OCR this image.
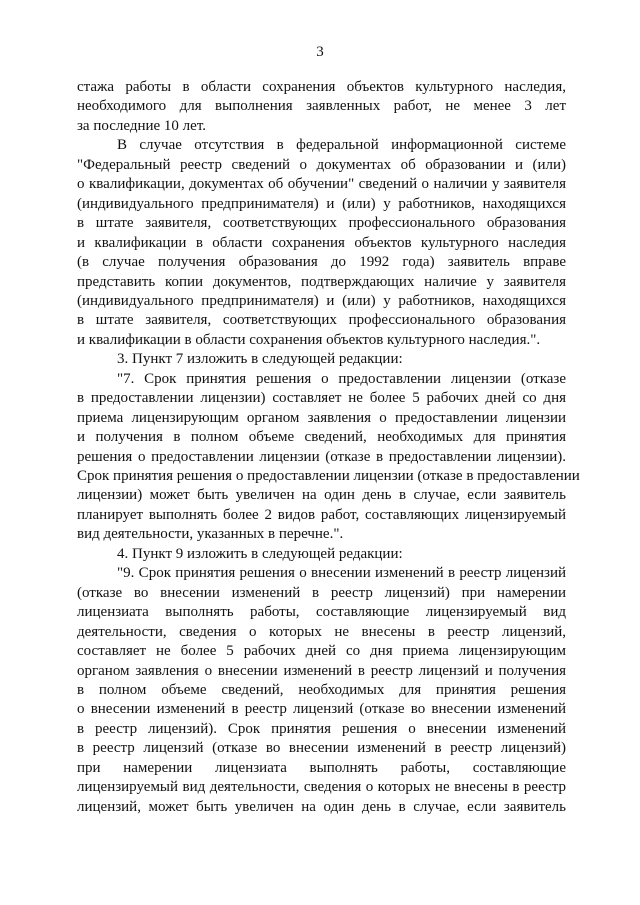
3
стажа работы в области сохранения объектов культурного наследия,
необходимого для выполнения заявленных работ, не менее 3 лет
за последние 10 лет.
В случае отсутствия в федеральной информационной системе
"Федеральный реестр сведений о документах об образовании и (или)
о квалификации, документах об обучении" сведений о наличии у заявителя
(индивидуального предпринимателя) и (или) у работников, находящихся
в штате заявителя, соответствующих профессионального образования
и квалификации в области сохранения объектов культурного наследия
(в случае получения образования до 1992 года) заявитель вправе
представить копии документов, подтверждающих наличие у заявителя
(индивидуального предпринимателя) и (или) у работников, находящихся
в штате заявителя, соответствующих профессионального образования
и квалификации в области сохранения объектов культурного наследия.".
3. Пункт 7 изложить в следующей редакции:
"7. Срок принятия решения о предоставлении лицензии (отказе
в предоставлении лицензии) составляет не более 5 рабочих дней со дня
приема лицензирующим органом заявления о предоставлении лицензии
и получения в полном объеме сведений, необходимых для принятия
решения о предоставлении лицензии (отказе в предоставлении лицензии).
Срок принятия решения о предоставлении лицензии (отказе в предоставлении
лицензии) может быть увеличен на один день в случае, если заявитель
планирует выполнять более 2 видов работ, составляющих лицензируемый
вид деятельности, указанных в перечне.".
4. Пункт 9 изложить в следующей редакции:
"9. Срок принятия решения о внесении изменений в реестр лицензий
(отказе во внесении изменений в реестр лицензий) при намерении
лицензиата выполнять работы, составляющие лицензируемый вид
деятельности, сведения о которых не внесены в реестр лицензий,
составляет не более 5 рабочих дней со дня приема лицензирующим
органом заявления о внесении изменений в реестр лицензий и получения
в полном объеме сведений, необходимых для принятия решения
о внесении изменений в реестр лицензий (отказе во внесении изменений
в реестр лицензий). Срок принятия решения о внесении изменений
в реестр лицензий (отказе во внесении изменений в реестр лицензий)
при намерении лицензиата выполнять работы, составляющие
лицензируемый вид деятельности, сведения о которых не внесены в реестр
лицензий, может быть увеличен на один день в случае, если заявитель
